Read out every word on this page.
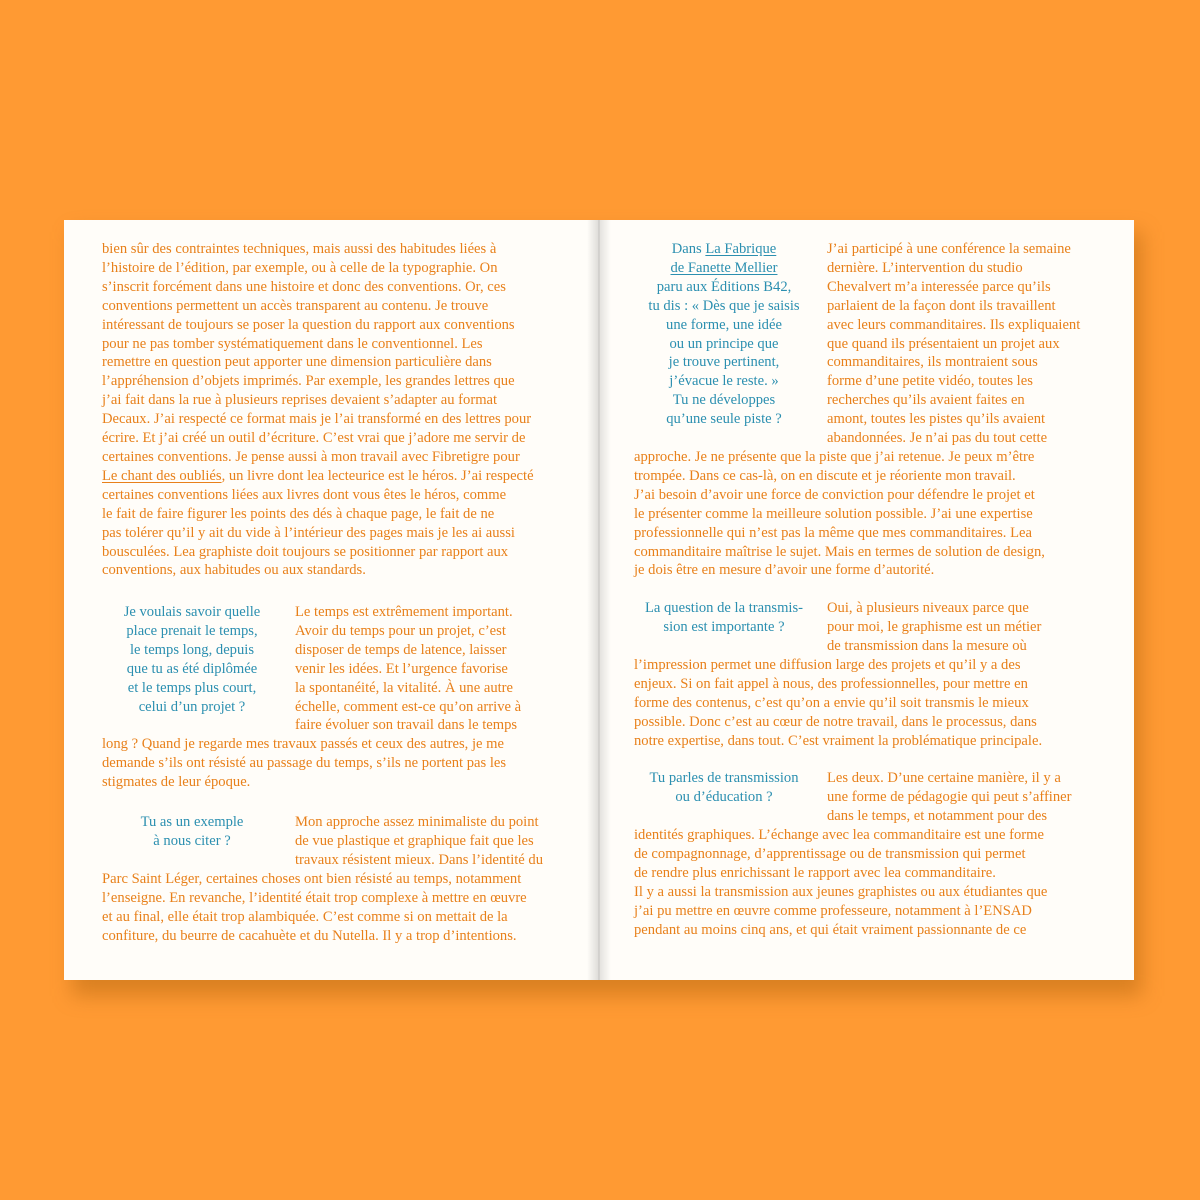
bien sûr des contraintes techniques, mais aussi des habitudes liées à
l’histoire de l’édition, par exemple, ou à celle de la typographie. On
s’inscrit forcément dans une histoire et donc des conventions. Or, ces
conventions permettent un accès transparent au contenu. Je trouve
intéressant de toujours se poser la question du rapport aux conventions
pour ne pas tomber systématiquement dans le conventionnel. Les
remettre en question peut apporter une dimension particulière dans
l’appréhension d’objets imprimés. Par exemple, les grandes lettres que
j’ai fait dans la rue à plusieurs reprises devaient s’adapter au format
Decaux. J’ai respecté ce format mais je l’ai transformé en des lettres pour
écrire. Et j’ai créé un outil d’écriture. C’est vrai que j’adore me servir de
certaines conventions. Je pense aussi à mon travail avec Fibretigre pour
Le chant des oubliés, un livre dont lea lecteurice est le héros. J’ai respecté
certaines conventions liées aux livres dont vous êtes le héros, comme
le fait de faire figurer les points des dés à chaque page, le fait de ne
pas tolérer qu’il y ait du vide à l’intérieur des pages mais je les ai aussi
bousculées. Lea graphiste doit toujours se positionner par rapport aux
conventions, aux habitudes ou aux standards.
Je voulais savoir quelle
place prenait le temps,
le temps long, depuis
que tu as été diplômée
et le temps plus court,
celui d’un projet ?
Le temps est extrêmement important.
Avoir du temps pour un projet, c’est
disposer de temps de latence, laisser
venir les idées. Et l’urgence favorise
la spontanéité, la vitalité. À une autre
échelle, comment est-ce qu’on arrive à
faire évoluer son travail dans le temps
long ? Quand je regarde mes travaux passés et ceux des autres, je me
demande s’ils ont résisté au passage du temps, s’ils ne portent pas les
stigmates de leur époque.
Tu as un exemple
à nous citer ?
Mon approche assez minimaliste du point
de vue plastique et graphique fait que les
travaux résistent mieux. Dans l’identité du
Parc Saint Léger, certaines choses ont bien résisté au temps, notamment
l’enseigne. En revanche, l’identité était trop complexe à mettre en œuvre
et au final, elle était trop alambiquée. C’est comme si on mettait de la
confiture, du beurre de cacahuète et du Nutella. Il y a trop d’intentions.
Dans La Fabrique
de Fanette Mellier
paru aux Éditions B42,
tu dis : « Dès que je saisis
une forme, une idée
ou un principe que
je trouve pertinent,
j’évacue le reste. »
Tu ne développes
qu’une seule piste ?
J’ai participé à une conférence la semaine
dernière. L’intervention du studio
Chevalvert m’a interessée parce qu’ils
parlaient de la façon dont ils travaillent
avec leurs commanditaires. Ils expliquaient
que quand ils présentaient un projet aux
commanditaires, ils montraient sous
forme d’une petite vidéo, toutes les
recherches qu’ils avaient faites en
amont, toutes les pistes qu’ils avaient
abandonnées. Je n’ai pas du tout cette
approche. Je ne présente que la piste que j’ai retenue. Je peux m’être
trompée. Dans ce cas-là, on en discute et je réoriente mon travail.
J’ai besoin d’avoir une force de conviction pour défendre le projet et
le présenter comme la meilleure solution possible. J’ai une expertise
professionnelle qui n’est pas la même que mes commanditaires. Lea
commanditaire maîtrise le sujet. Mais en termes de solution de design,
je dois être en mesure d’avoir une forme d’autorité.
La question de la transmis-
sion est importante ?
Oui, à plusieurs niveaux parce que
pour moi, le graphisme est un métier
de transmission dans la mesure où
l’impression permet une diffusion large des projets et qu’il y a des
enjeux. Si on fait appel à nous, des professionnelles, pour mettre en
forme des contenus, c’est qu’on a envie qu’il soit transmis le mieux
possible. Donc c’est au cœur de notre travail, dans le processus, dans
notre expertise, dans tout. C’est vraiment la problématique principale.
Tu parles de transmission
ou d’éducation ?
Les deux. D’une certaine manière, il y a
une forme de pédagogie qui peut s’affiner
dans le temps, et notamment pour des
identités graphiques. L’échange avec lea commanditaire est une forme
de compagnonnage, d’apprentissage ou de transmission qui permet
de rendre plus enrichissant le rapport avec lea commanditaire.
Il y a aussi la transmission aux jeunes graphistes ou aux étudiantes que
j’ai pu mettre en œuvre comme professeure, notamment à l’ENSAD
pendant au moins cinq ans, et qui était vraiment passionnante de ce
